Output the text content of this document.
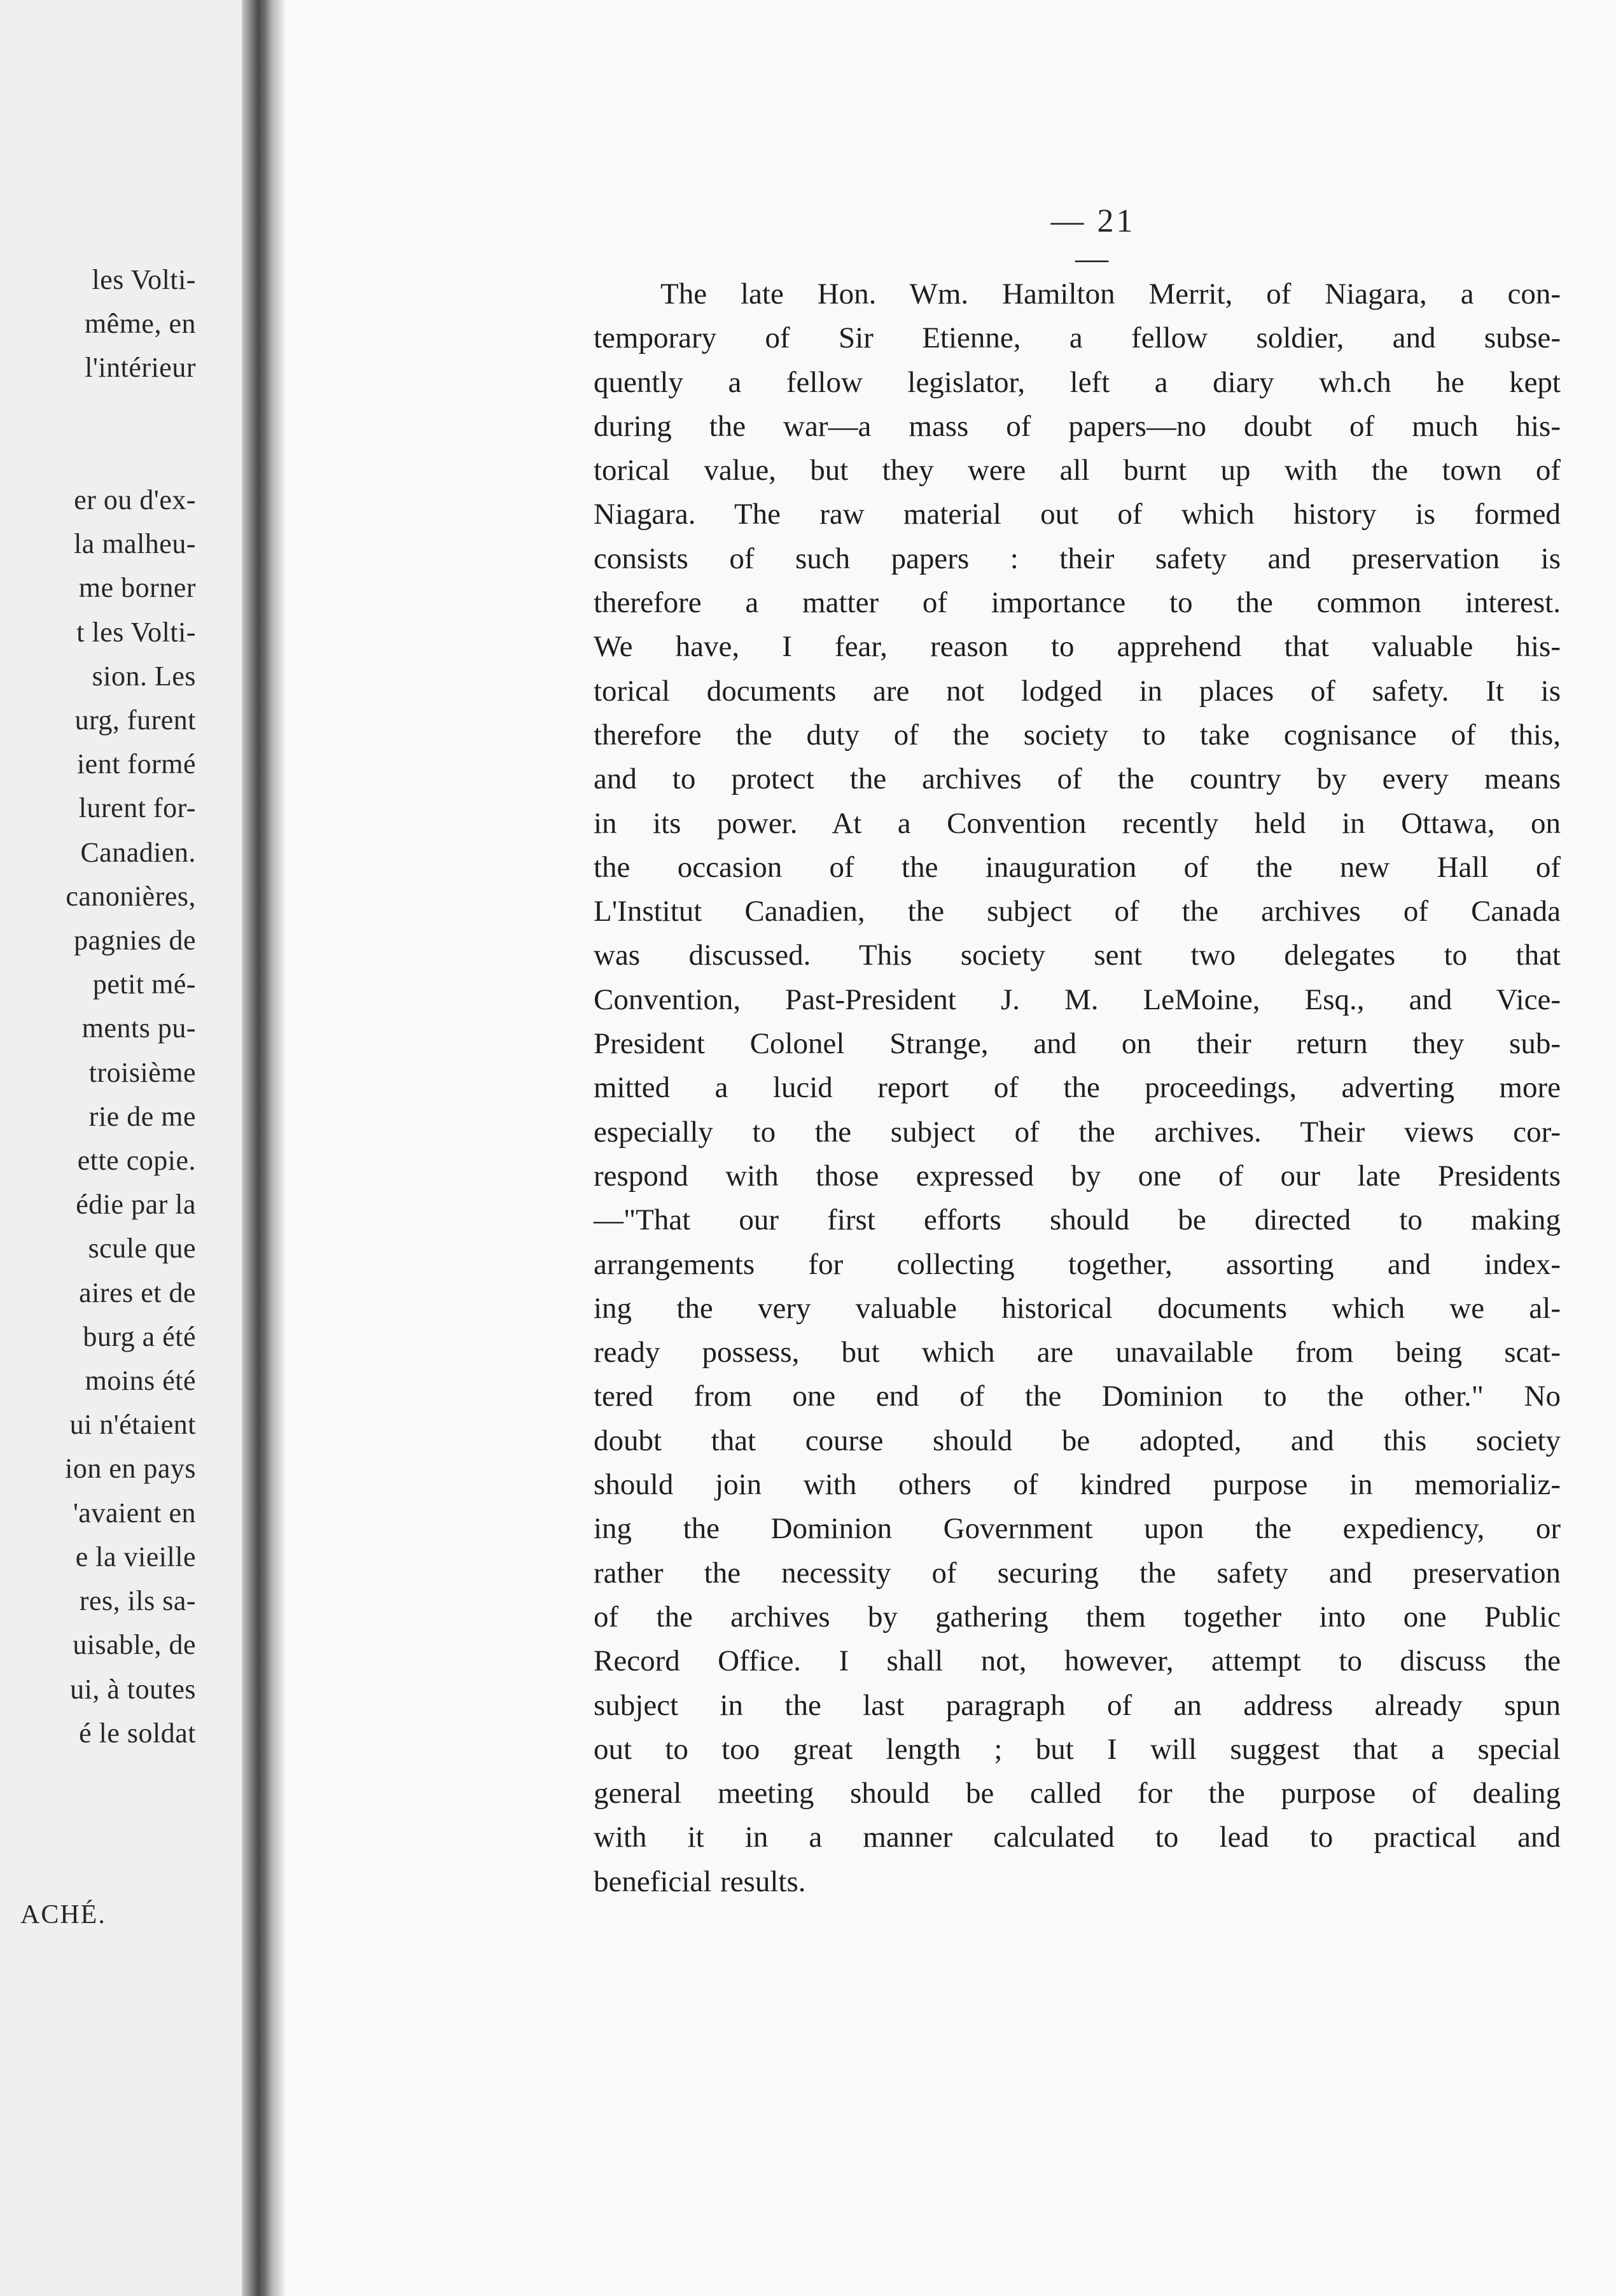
les Volti-
même, en
l'intérieur

er ou d'ex-
la malheu-
me borner
t les Volti-
sion. Les
urg, furent
ient formé
lurent for-
Canadien.
canonières,
pagnies de
petit mé-
ments pu-
troisième
rie de me
ette copie.
édie par la
scule que
aires et de
burg a été
moins été
ui n'étaient
ion en pays
'avaient en
e la vieille
res, ils sa-
uisable, de
ui, à toutes
é le soldat
ACHÉ.
— 21 —
The late Hon. Wm. Hamilton Merrit, of Niagara, a con-
temporary of Sir Etienne, a fellow soldier, and subse-
quently a fellow legislator, left a diary wh.ch he kept
during the war—a mass of papers—no doubt of much his-
torical value, but they were all burnt up with the town of
Niagara. The raw material out of which history is formed
consists of such papers : their safety and preservation is
therefore a matter of importance to the common interest.
We have, I fear, reason to apprehend that valuable his-
torical documents are not lodged in places of safety. It is
therefore the duty of the society to take cognisance of this,
and to protect the archives of the country by every means
in its power. At a Convention recently held in Ottawa, on
the occasion of the inauguration of the new Hall of
L'Institut Canadien, the subject of the archives of Canada
was discussed. This society sent two delegates to that
Convention, Past-President J. M. LeMoine, Esq., and Vice-
President Colonel Strange, and on their return they sub-
mitted a lucid report of the proceedings, adverting more
especially to the subject of the archives. Their views cor-
respond with those expressed by one of our late Presidents
—"That our first efforts should be directed to making
arrangements for collecting together, assorting and index-
ing the very valuable historical documents which we al-
ready possess, but which are unavailable from being scat-
tered from one end of the Dominion to the other." No
doubt that course should be adopted, and this society
should join with others of kindred purpose in memorializ-
ing the Dominion Government upon the expediency, or
rather the necessity of securing the safety and preservation
of the archives by gathering them together into one Public
Record Office. I shall not, however, attempt to discuss the
subject in the last paragraph of an address already spun
out to too great length ; but I will suggest that a special
general meeting should be called for the purpose of dealing
with it in a manner calculated to lead to practical and
beneficial results.
